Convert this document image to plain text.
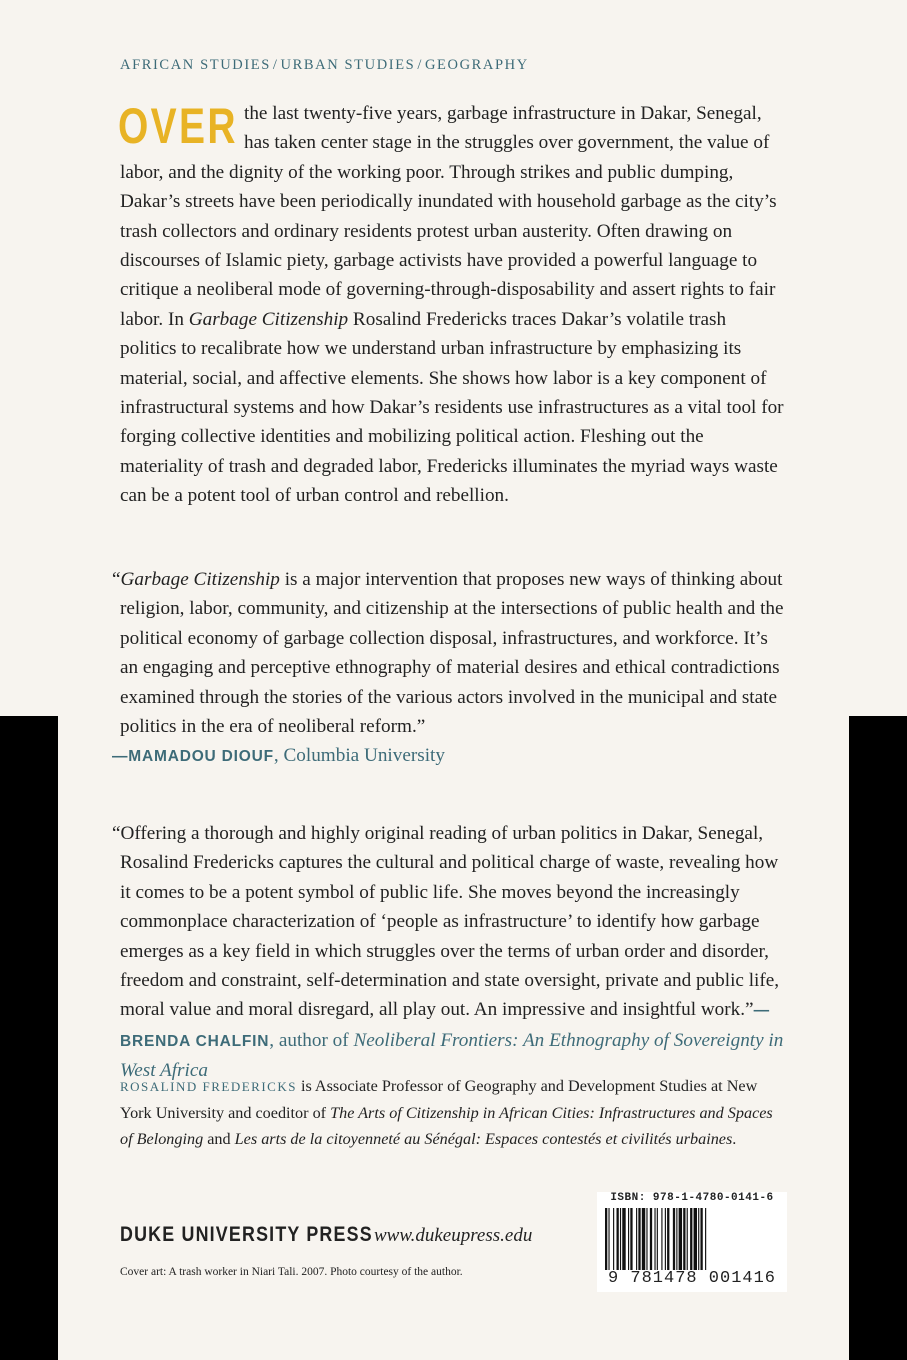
AFRICAN STUDIES / URBAN STUDIES / GEOGRAPHY
OVER the last twenty-five years, garbage infrastructure in Dakar, Senegal, has taken center stage in the struggles over government, the value of labor, and the dignity of the working poor. Through strikes and public dumping, Dakar’s streets have been periodically inundated with household garbage as the city’s trash collectors and ordinary residents protest urban austerity. Often drawing on discourses of Islamic piety, garbage activists have provided a powerful language to critique a neoliberal mode of governing-through-disposability and assert rights to fair labor. In Garbage Citizenship Rosalind Fredericks traces Dakar’s volatile trash politics to recalibrate how we understand urban infrastructure by emphasizing its material, social, and affective elements. She shows how labor is a key component of infrastructural systems and how Dakar’s residents use infrastructures as a vital tool for forging collective identities and mobilizing political action. Fleshing out the materiality of trash and degraded labor, Fredericks illuminates the myriad ways waste can be a potent tool of urban control and rebellion.

“Garbage Citizenship is a major intervention that proposes new ways of thinking about religion, labor, community, and citizenship at the intersections of public health and the political economy of garbage collection disposal, infrastructures, and workforce. It’s an engaging and perceptive ethnography of material desires and ethical contradictions examined through the stories of the various actors involved in the municipal and state politics in the era of neoliberal reform.”

—MAMADOU DIOUF, Columbia University

“Offering a thorough and highly original reading of urban politics in Dakar, Senegal, Rosalind Fredericks captures the cultural and political charge of waste, revealing how it comes to be a potent symbol of public life. She moves beyond the increasingly commonplace characterization of ‘people as infrastructure’ to identify how garbage emerges as a key field in which struggles over the terms of urban order and disorder, freedom and constraint, self-determination and state oversight, private and public life, moral value and moral disregard, all play out. An impressive and insightful work.”—BRENDA CHALFIN, author of Neoliberal Frontiers: An Ethnography of Sovereignty in West Africa

ROSALIND FREDERICKS is Associate Professor of Geography and Development Studies at New York University and coeditor of The Arts of Citizenship in African Cities: Infrastructures and Spaces of Belonging and Les arts de la citoyenneté au Sénégal: Espaces contestés et civilités urbaines.
DUKE UNIVERSITY PRESS www.dukeupress.edu
Cover art: A trash worker in Niari Tali. 2007. Photo courtesy of the author.
ISBN: 978-1-4780-0141-6
9 781478 001416
